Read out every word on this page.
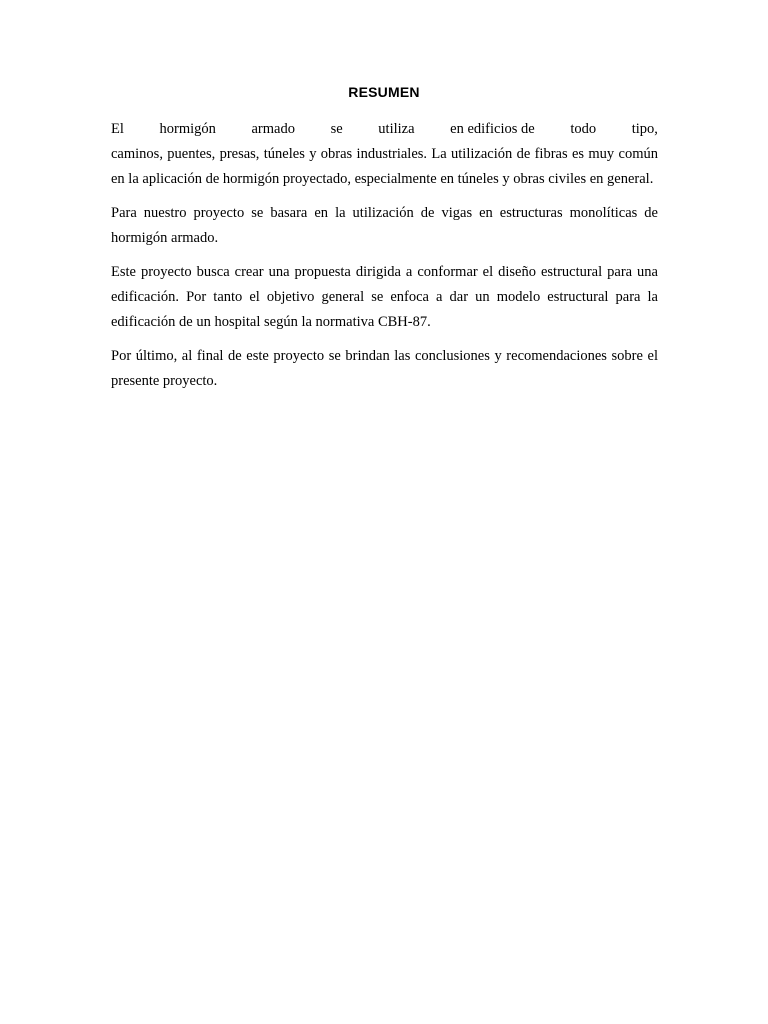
RESUMEN

El hormigón armado se utiliza en edificios de todo tipo,
caminos, puentes, presas, túneles y obras industriales. La utilización de fibras es muy común en la aplicación de hormigón proyectado, especialmente en túneles y obras civiles en general.

Para nuestro proyecto se basara en la utilización de vigas en estructuras monolíticas de hormigón armado.

Este proyecto busca crear una propuesta dirigida a conformar el diseño estructural para una edificación. Por tanto el objetivo general se enfoca a dar un modelo estructural para la edificación de un hospital según la normativa CBH-87.

Por último, al final de este proyecto se brindan las conclusiones y recomendaciones sobre el presente proyecto.
